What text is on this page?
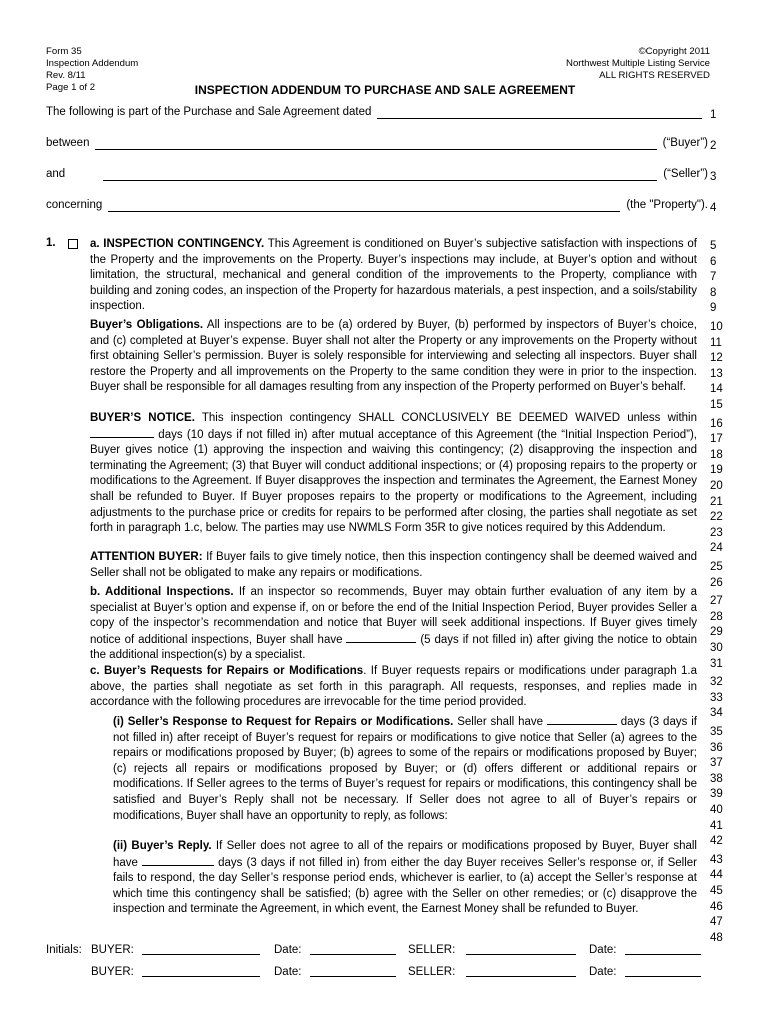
Form 35
Inspection Addendum
Rev. 8/11
Page 1 of 2
©Copyright 2011
Northwest Multiple Listing Service
ALL RIGHTS RESERVED
INSPECTION ADDENDUM TO PURCHASE AND SALE AGREEMENT
The following is part of the Purchase and Sale Agreement dated
between	(“Buyer”)
and	(“Seller”)
concerning	(the "Property").
1
2
3
4
5
6
7
8
9
10
11
12
13
14
15
16
17
18
19
20
21
22
23
24
25
26
27
28
29
30
31
32
33
34
35
36
37
38
39
40
41
42
43
44
45
46
47
48
1.	a. INSPECTION CONTINGENCY. This Agreement is conditioned on Buyer’s subjective satisfaction with inspections of the Property and the improvements on the Property. Buyer’s inspections may include, at Buyer’s option and without limitation, the structural, mechanical and general condition of the improvements to the Property, compliance with building and zoning codes, an inspection of the Property for hazardous materials, a pest inspection, and a soils/stability inspection.
Buyer’s Obligations. All inspections are to be (a) ordered by Buyer, (b) performed by inspectors of Buyer’s choice, and (c) completed at Buyer’s expense. Buyer shall not alter the Property or any improvements on the Property without first obtaining Seller’s permission. Buyer is solely responsible for interviewing and selecting all inspectors. Buyer shall restore the Property and all improvements on the Property to the same condition they were in prior to the inspection. Buyer shall be responsible for all damages resulting from any inspection of the Property performed on Buyer’s behalf.
BUYER’S NOTICE. This inspection contingency SHALL CONCLUSIVELY BE DEEMED WAIVED unless within  days (10 days if not filled in) after mutual acceptance of this Agreement (the “Initial Inspection Period”), Buyer gives notice (1) approving the inspection and waiving this contingency; (2) disapproving the inspection and terminating the Agreement; (3) that Buyer will conduct additional inspections; or (4) proposing repairs to the property or modifications to the Agreement. If Buyer disapproves the inspection and terminates the Agreement, the Earnest Money shall be refunded to Buyer. If Buyer proposes repairs to the property or modifications to the Agreement, including adjustments to the purchase price or credits for repairs to be performed after closing, the parties shall negotiate as set forth in paragraph 1.c, below. The parties may use NWMLS Form 35R to give notices required by this Addendum.
ATTENTION BUYER: If Buyer fails to give timely notice, then this inspection contingency shall be deemed waived and Seller shall not be obligated to make any repairs or modifications.
b. Additional Inspections. If an inspector so recommends, Buyer may obtain further evaluation of any item by a specialist at Buyer’s option and expense if, on or before the end of the Initial Inspection Period, Buyer provides Seller a copy of the inspector’s recommendation and notice that Buyer will seek additional inspections. If Buyer gives timely notice of additional inspections, Buyer shall have	(5 days if not filled in) after giving the notice to obtain the additional inspection(s) by a specialist.
c. Buyer’s Requests for Repairs or Modifications. If Buyer requests repairs or modifications under paragraph 1.a above, the parties shall negotiate as set forth in this paragraph. All requests, responses, and replies made in accordance with the following procedures are irrevocable for the time period provided.
(i) Seller’s Response to Request for Repairs or Modifications. Seller shall have	days (3 days if not filled in) after receipt of Buyer’s request for repairs or modifications to give notice that Seller (a) agrees to the repairs or modifications proposed by Buyer; (b) agrees to some of the repairs or modifications proposed by Buyer; (c) rejects all repairs or modifications proposed by Buyer; or (d) offers different or additional repairs or modifications. If Seller agrees to the terms of Buyer’s request for repairs or modifications, this contingency shall be satisfied and Buyer’s Reply shall not be necessary. If Seller does not agree to all of Buyer’s repairs or modifications, Buyer shall have an opportunity to reply, as follows:
(ii) Buyer’s Reply. If Seller does not agree to all of the repairs or modifications proposed by Buyer, Buyer shall have	days (3 days if not filled in) from either the day Buyer receives Seller’s response or, if Seller fails to respond, the day Seller’s response period ends, whichever is earlier, to (a) accept the Seller’s response at which time this contingency shall be satisfied; (b) agree with the Seller on other remedies; or (c) disapprove the inspection and terminate the Agreement, in which event, the Earnest Money shall be refunded to Buyer.
Initials: BUYER:	Date:	SELLER:	Date:
BUYER:	Date:	SELLER:	Date:
